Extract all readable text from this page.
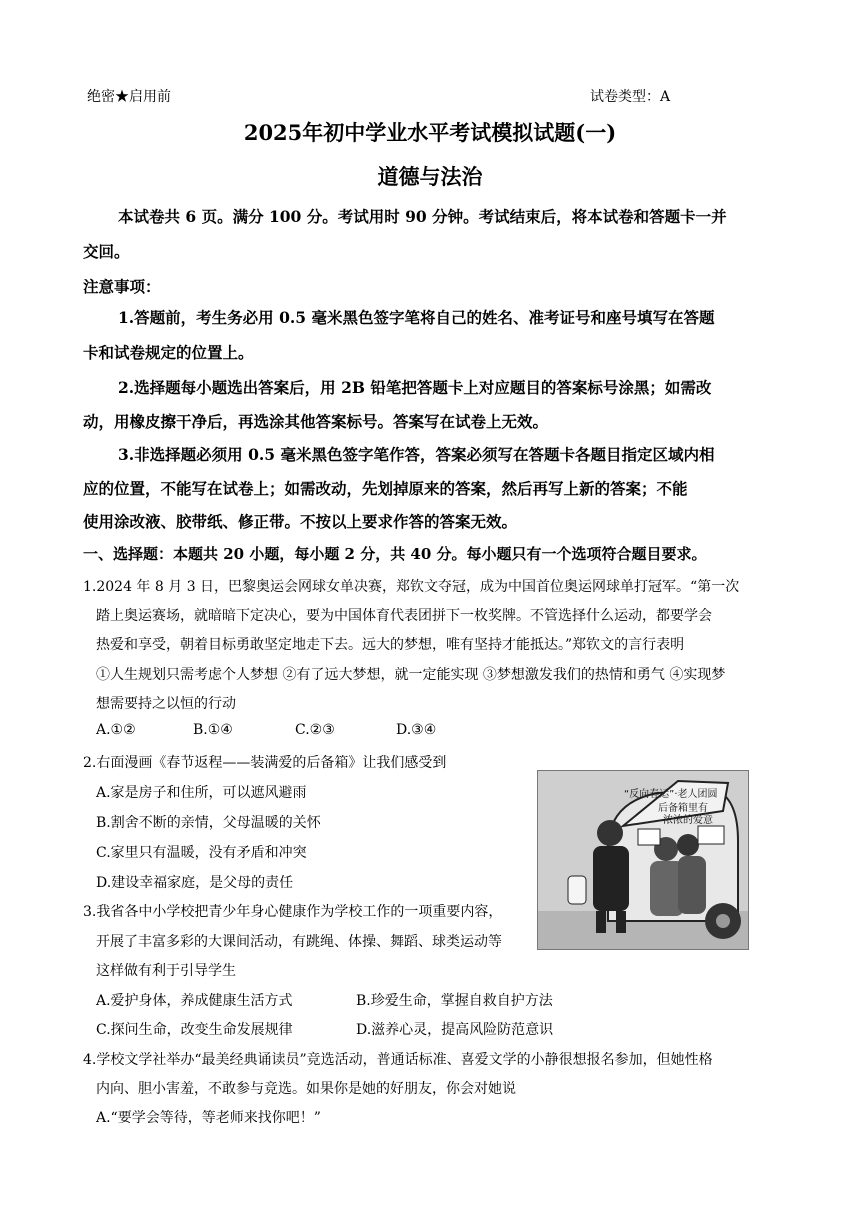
绝密★启用前	试卷类型：A
2025年初中学业水平考试模拟试题(一)
道德与法治
本试卷共 6 页。满分 100 分。考试用时 90 分钟。考试结束后，将本试卷和答题卡一并
交回。
注意事项：
1.答题前，考生务必用 0.5 毫米黑色签字笔将自己的姓名、准考证号和座号填写在答题
卡和试卷规定的位置上。
2.选择题每小题选出答案后，用 2B 铅笔把答题卡上对应题目的答案标号涂黑；如需改
动，用橡皮擦干净后，再选涂其他答案标号。答案写在试卷上无效。
3.非选择题必须用 0.5 毫米黑色签字笔作答，答案必须写在答题卡各题目指定区域内相
应的位置，不能写在试卷上；如需改动，先划掉原来的答案，然后再写上新的答案；不能
使用涂改液、胶带纸、修正带。不按以上要求作答的答案无效。
一、选择题：本题共 20 小题，每小题 2 分，共 40 分。每小题只有一个选项符合题目要求。
1.2024 年 8 月 3 日，巴黎奥运会网球女单决赛，郑钦文夺冠，成为中国首位奥运网球单打冠军。“第一次
踏上奥运赛场，就暗暗下定决心，要为中国体育代表团拼下一枚奖牌。不管选择什么运动，都要学会
热爱和享受，朝着目标勇敢坚定地走下去。远大的梦想，唯有坚持才能抵达。”郑钦文的言行表明
①人生规划只需考虑个人梦想 ②有了远大梦想，就一定能实现 ③梦想激发我们的热情和勇气 ④实现梦
想需要持之以恒的行动
A.①②	B.①④	C.②③	D.③④
2.右面漫画《春节返程——装满爱的后备箱》让我们感受到
A.家是房子和住所，可以遮风避雨
B.割舍不断的亲情，父母温暖的关怀
C.家里只有温暖，没有矛盾和冲突
D.建设幸福家庭，是父母的责任
“反向春运”·老人团圆
后备箱里有
浓浓的爱意
3.我省各中小学校把青少年身心健康作为学校工作的一项重要内容，
开展了丰富多彩的大课间活动，有跳绳、体操、舞蹈、球类运动等
这样做有利于引导学生
A.爱护身体，养成健康生活方式	B.珍爱生命，掌握自救自护方法
C.探问生命，改变生命发展规律	D.滋养心灵，提高风险防范意识
4.学校文学社举办“最美经典诵读员”竞选活动，普通话标准、喜爱文学的小静很想报名参加，但她性格
内向、胆小害羞，不敢参与竞选。如果你是她的好朋友，你会对她说
A.“要学会等待，等老师来找你吧！”
